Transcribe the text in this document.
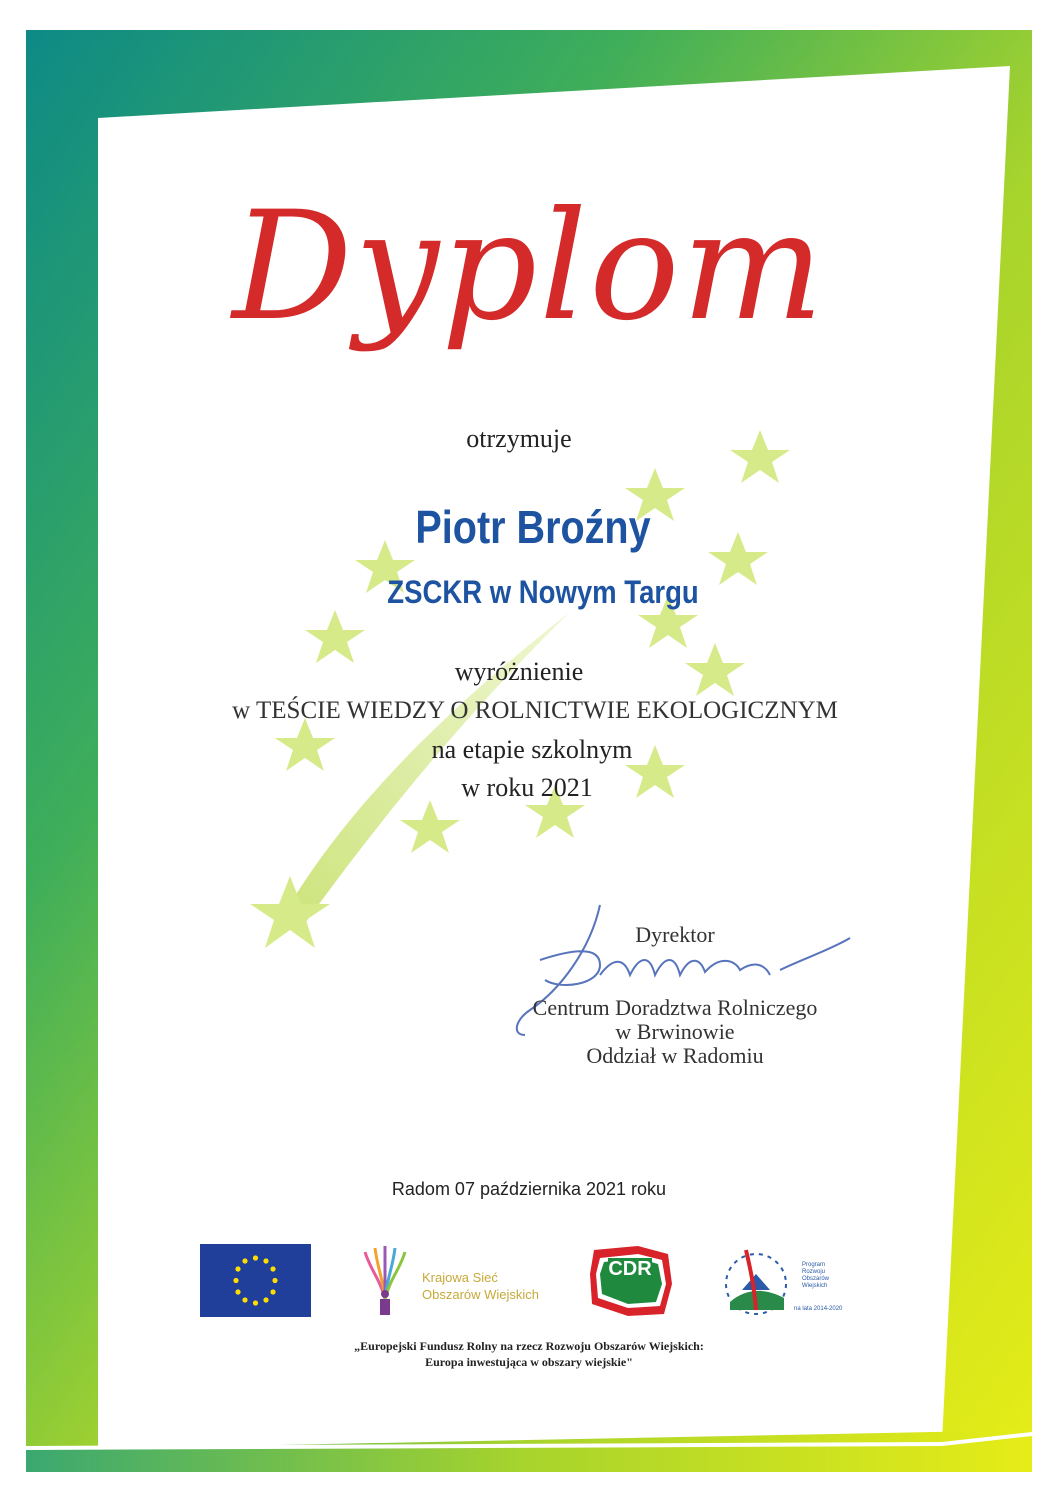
Dyplom
otrzymuje
Piotr Broźny
ZSCKR w Nowym Targu
wyróżnienie
w TEŚCIE WIEDZY O ROLNICTWIE EKOLOGICZNYM
na etapie szkolnym
w roku 2021
Dyrektor
Centrum Doradztwa Rolniczego
w Brwinowie
Oddział w Radomiu
Radom 07 października 2021 roku
Krajowa Sieć
Obszarów Wiejskich
CDR	Program
Rozwoju
Obszarów
Wiejskich
na lata 2014-2020
„Europejski Fundusz Rolny na rzecz Rozwoju Obszarów Wiejskich:
Europa inwestująca w obszary wiejskie"
